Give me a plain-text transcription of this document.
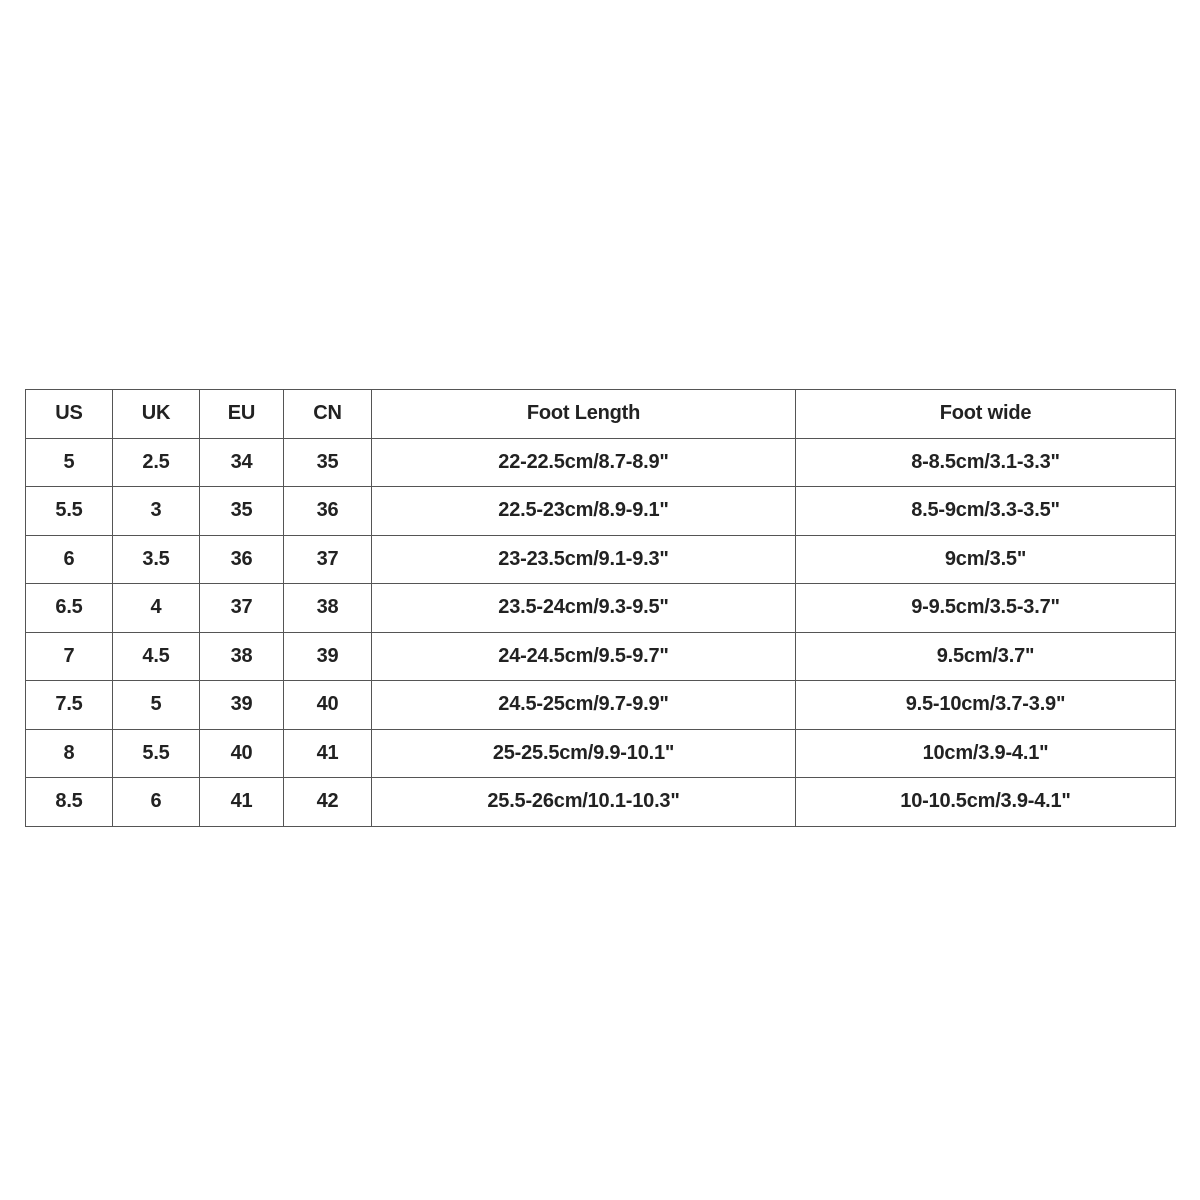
US	UK	EU	CN	Foot Length	Foot wide
5	2.5	34	35	22-22.5cm/8.7-8.9"	8-8.5cm/3.1-3.3"
5.5	3	35	36	22.5-23cm/8.9-9.1"	8.5-9cm/3.3-3.5"
6	3.5	36	37	23-23.5cm/9.1-9.3"	9cm/3.5"
6.5	4	37	38	23.5-24cm/9.3-9.5"	9-9.5cm/3.5-3.7"
7	4.5	38	39	24-24.5cm/9.5-9.7"	9.5cm/3.7"
7.5	5	39	40	24.5-25cm/9.7-9.9"	9.5-10cm/3.7-3.9"
8	5.5	40	41	25-25.5cm/9.9-10.1"	10cm/3.9-4.1"
8.5	6	41	42	25.5-26cm/10.1-10.3"	10-10.5cm/3.9-4.1"
